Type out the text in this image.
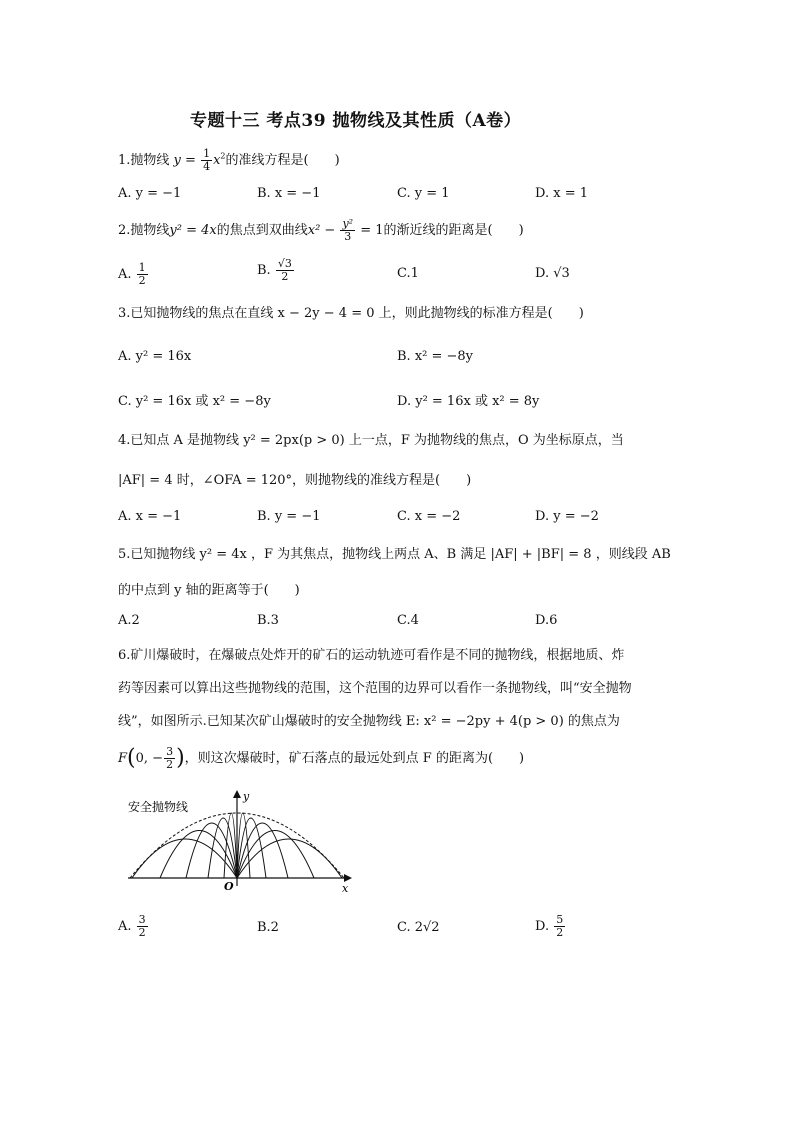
专题十三 考点39 抛物线及其性质（A卷）
1.抛物线 $y = \frac{1}{4} x^2$的准线方程是(　　)
A. y = −1	B. x = −1	C. y = 1	D. x = 1
2.抛物线y² = 4x的焦点到双曲线$x^2 - \frac{\text{y²}}{3} = 1$的渐近线的距离是(　　)
A. $\frac{1}{2}$	B. $\frac{√3}{2}$	C.1	D. √3
3.已知抛物线的焦点在直线 x − 2y − 4 = 0 上，则此抛物线的标准方程是(　　)
A. y² = 16x	B. x² = −8y
C. y² = 16x 或 x² = −8y	D. y² = 16x 或 x² = 8y
4.已知点 A 是抛物线 y² = 2px(p > 0) 上一点，F 为抛物线的焦点，O 为坐标原点，当
|AF| = 4 时，∠OFA = 120°，则抛物线的准线方程是(　　)
A. x = −1	B. y = −1	C. x = −2	D. y = −2
5.已知抛物线 y² = 4x ，F 为其焦点，抛物线上两点 A、B 满足 |AF| + |BF| = 8 ，则线段 AB
的中点到 y 轴的距离等于(　　)
A.2	B.3	C.4	D.6
6.矿川爆破时，在爆破点处炸开的矿石的运动轨迹可看作是不同的抛物线，根据地质、炸
药等因素可以算出这些抛物线的范围，这个范围的边界可以看作一条抛物线，叫“安全抛物
线”，如图所示.已知某次矿山爆破时的安全抛物线 E: x² = −2py + 4(p > 0) 的焦点为
F(0, − $\frac{3}{2}$ )，则这次爆破时，矿石落点的最远处到点 F 的距离为(　　)
y
x
O
安全抛物线
A. $\frac{3}{2}$	B.2	C. 2√2	D. $\frac{5}{2}$
